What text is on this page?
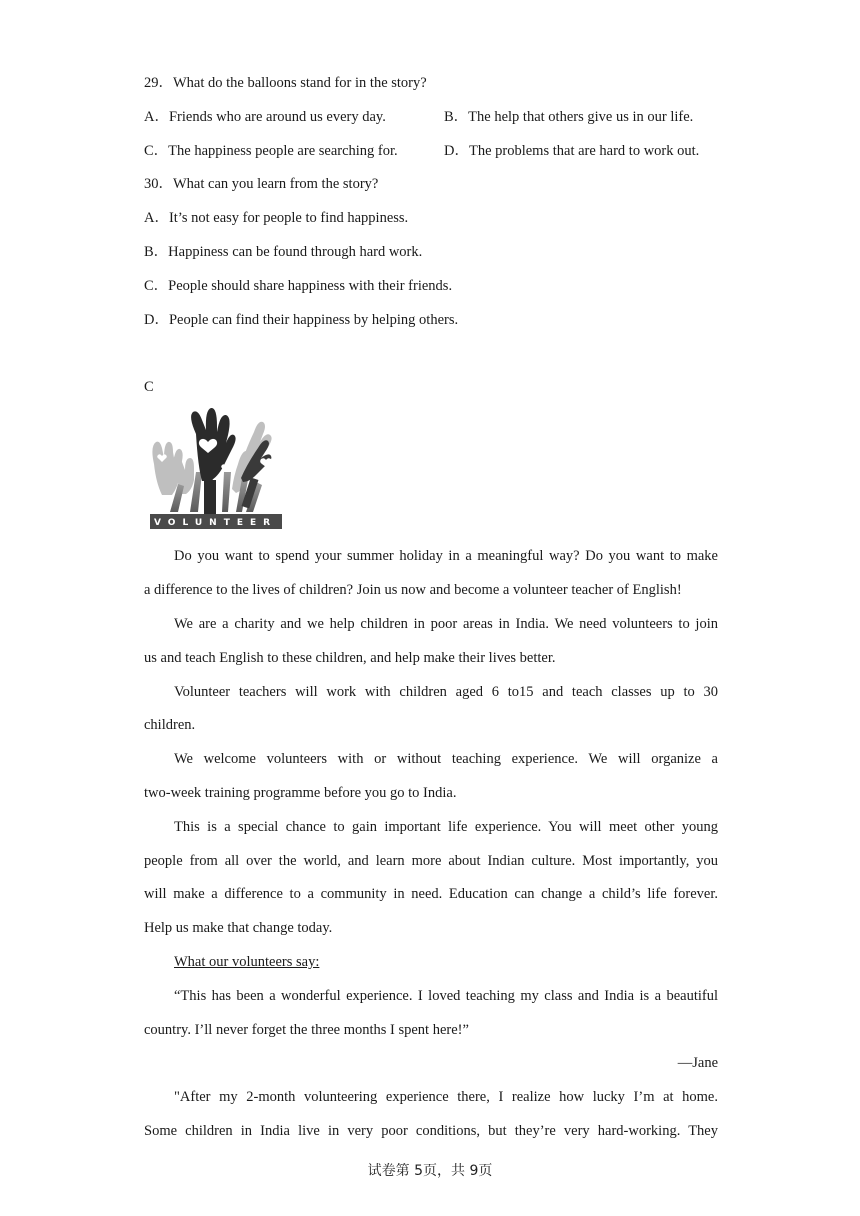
29．What do the balloons stand for in the story?
A．Friends who are around us every day.	B．The help that others give us in our life.
C．The happiness people are searching for.	D．The problems that are hard to work out.
30．What can you learn from the story?
A．It’s not easy for people to find happiness.
B．Happiness can be found through hard work.
C．People should share happiness with their friends.
D．People can find their happiness by helping others.
C
VOLUNTEER
Do you want to spend your summer holiday in a meaningful way? Do you want to make
a difference to the lives of children? Join us now and become a volunteer teacher of English!
We are a charity and we help children in poor areas in India. We need volunteers to join
us and teach English to these children, and help make their lives better.
Volunteer teachers will work with children aged 6 to15 and teach classes up to 30
children.
We welcome volunteers with or without teaching experience. We will organize a
two-week training programme before you go to India.
This is a special chance to gain important life experience. You will meet other young
people from all over the world, and learn more about Indian culture. Most importantly, you
will make a difference to a community in need. Education can change a child’s life forever.
Help us make that change today.
What our volunteers say:
“This has been a wonderful experience. I loved teaching my class and India is a beautiful
country. I’ll never forget the three months I spent here!”
—Jane
"After my 2-month volunteering experience there, I realize how lucky I’m at home.
Some children in India live in very poor conditions, but they’re very hard-working. They
试卷第 5页，共 9页
